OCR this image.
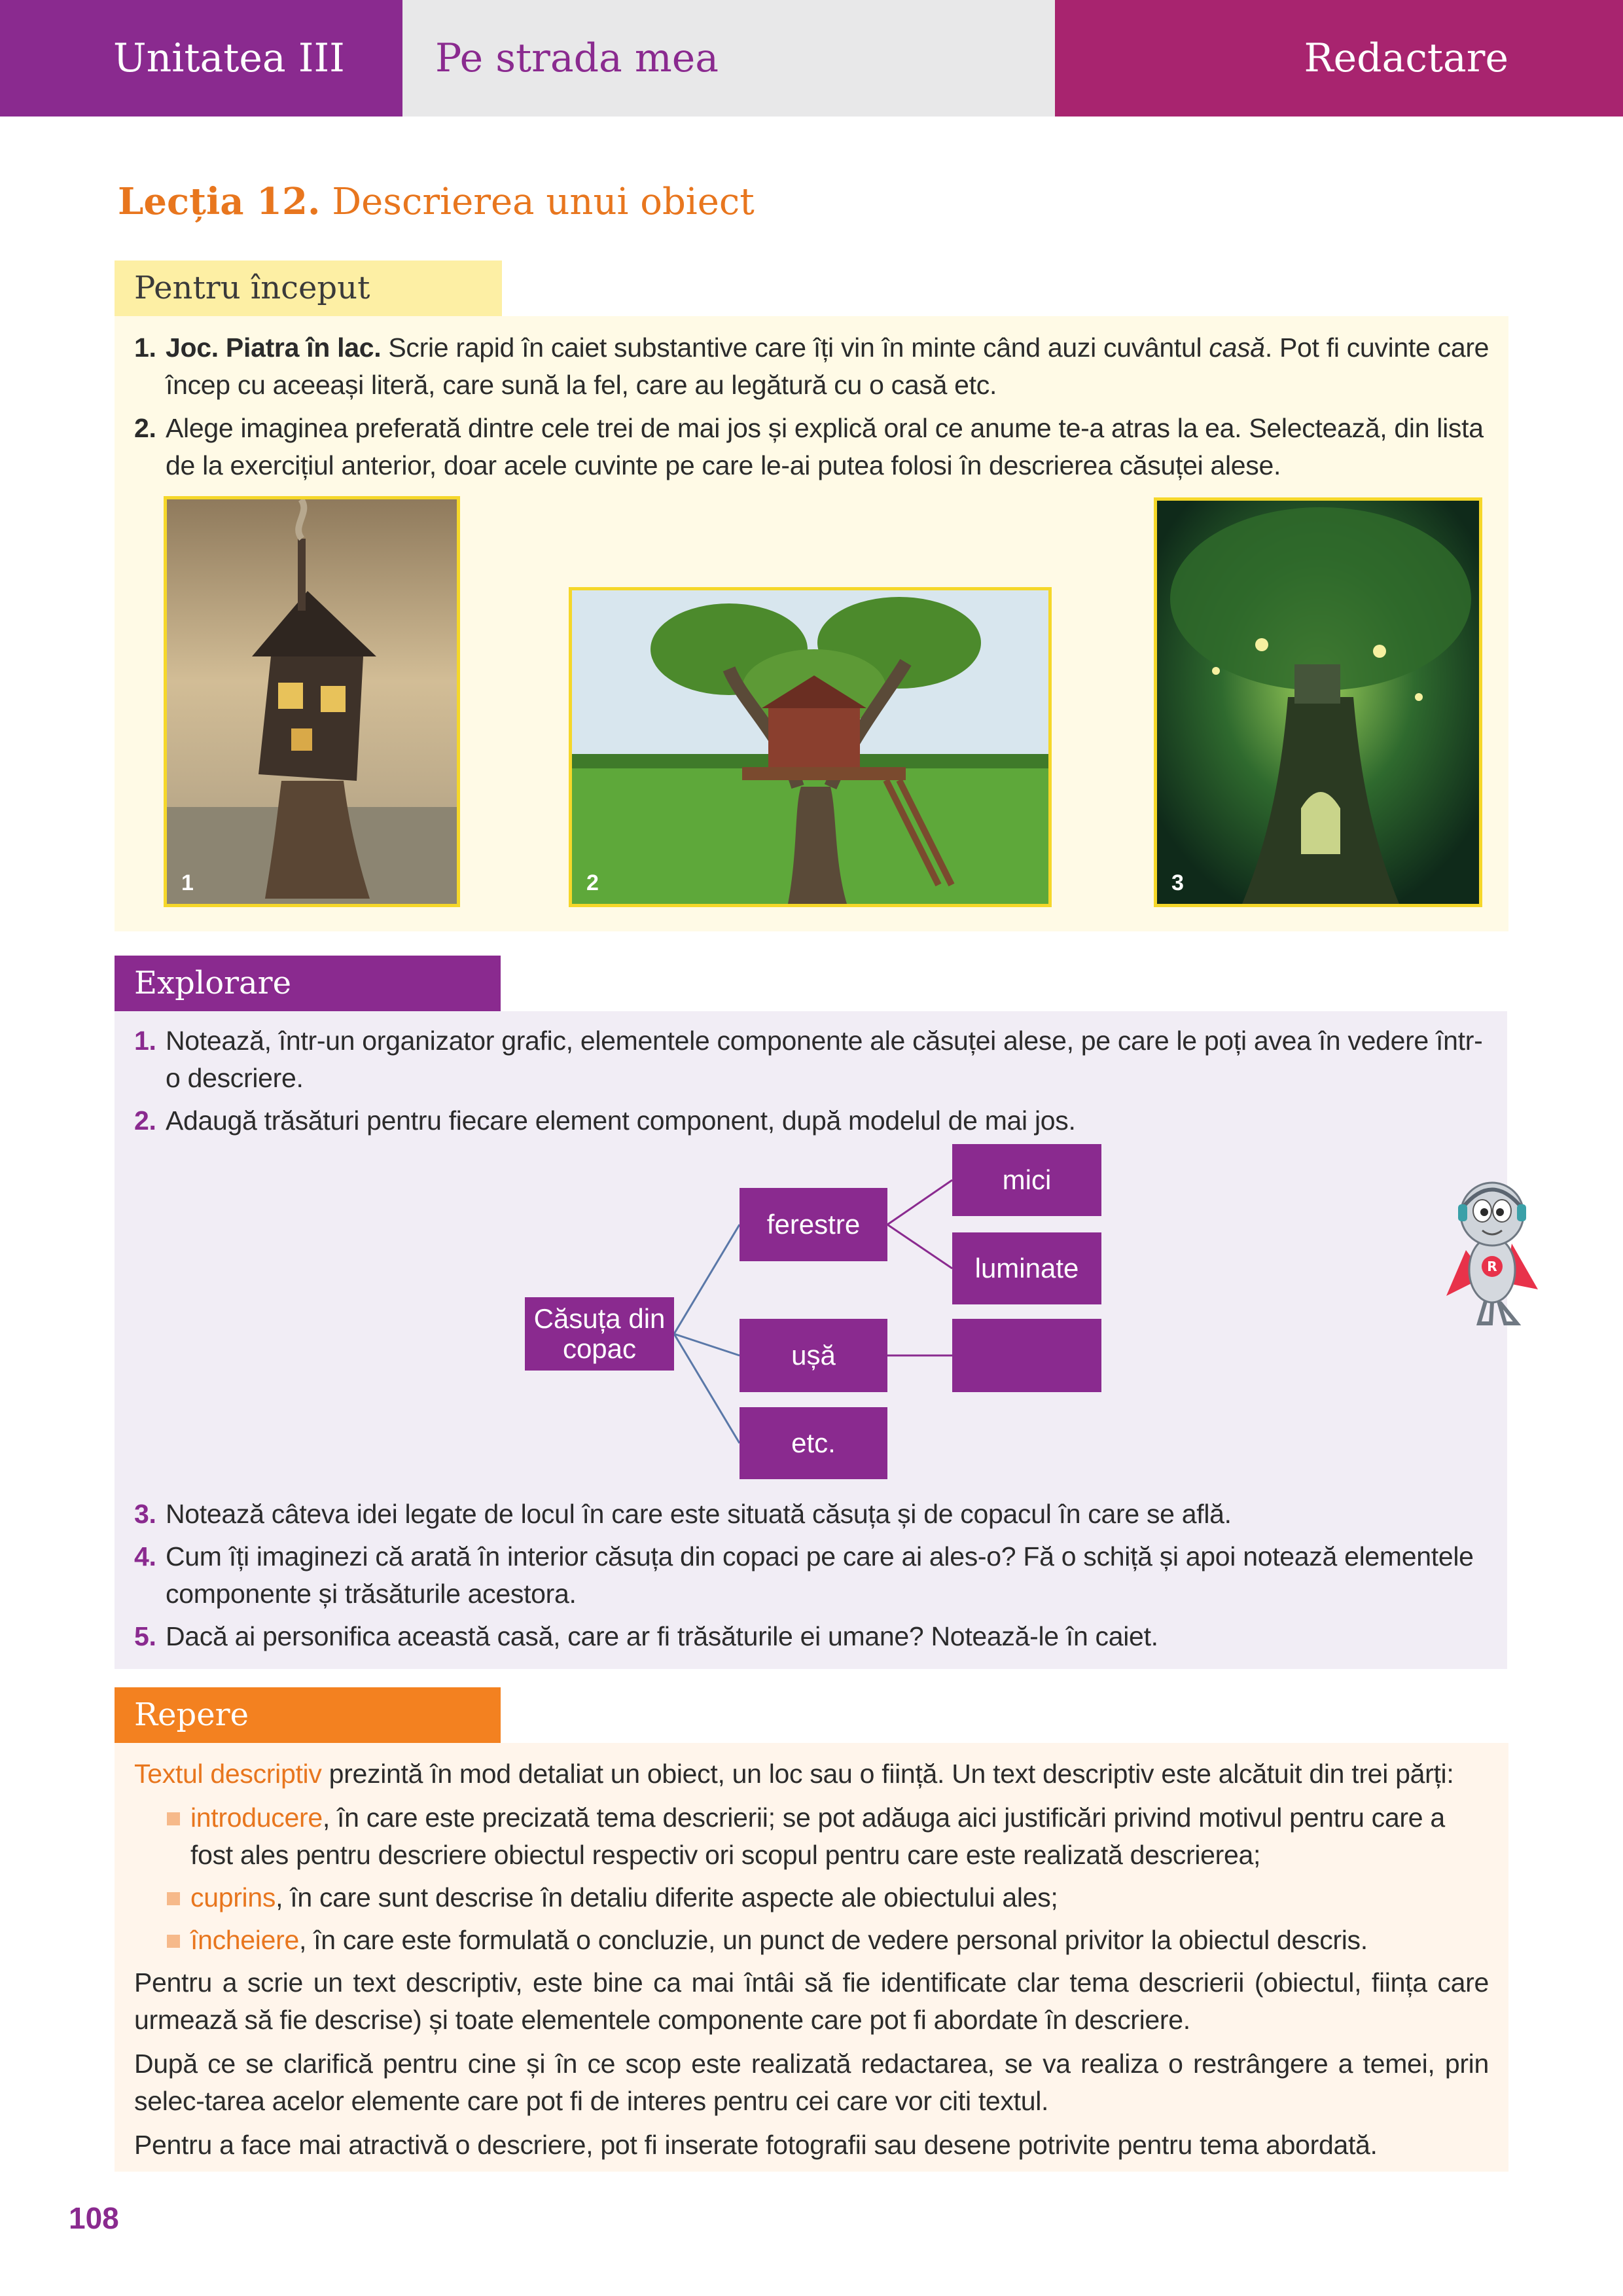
Unitatea III Pe strada mea	Redactare
Lecția 12. Descrierea unui obiect
Pentru început
1. Joc. Piatra în lac. Scrie rapid în caiet substantive care îți vin în minte când auzi cuvântul casă. Pot fi cuvinte care încep cu aceeași literă, care sună la fel, care au legătură cu o casă etc.
2. Alege imaginea preferată dintre cele trei de mai jos și explică oral ce anume te-a atras la ea. Selectează, din lista de la exercițiul anterior, doar acele cuvinte pe care le-ai putea folosi în descrierea căsuței alese.
1	2	3
Explorare
1. Notează, într-un organizator grafic, elementele componente ale căsuței alese, pe care le poți avea în vedere într-o descriere.
2. Adaugă trăsături pentru fiecare element component, după modelul de mai jos.
Căsuța din copac
ferestre
ușă
etc.
mici
luminate	R
3. Notează câteva idei legate de locul în care este situată căsuța și de copacul în care se află.
4. Cum îți imaginezi că arată în interior căsuța din copaci pe care ai ales-o? Fă o schiță și apoi notează elementele componente și trăsăturile acestora.
5. Dacă ai personifica această casă, care ar fi trăsăturile ei umane? Notează-le în caiet.
Repere

Textul descriptiv prezintă în mod detaliat un obiect, un loc sau o ființă. Un text descriptiv este alcătuit din trei părți:

introducere, în care este precizată tema descrierii; se pot adăuga aici justificări privind motivul pentru care a fost ales pentru descriere obiectul respectiv ori scopul pentru care este realizată descrierea;
cuprins, în care sunt descrise în detaliu diferite aspecte ale obiectului ales;
încheiere, în care este formulată o concluzie, un punct de vedere personal privitor la obiectul descris.

Pentru a scrie un text descriptiv, este bine ca mai întâi să fie identificate clar tema descrierii (obiectul, ființa care urmează să fie descrise) și toate elementele componente care pot fi abordate în descriere.

După ce se clarifică pentru cine și în ce scop este realizată redactarea, se va realiza o restrângere a temei, prin selec-tarea acelor elemente care pot fi de interes pentru cei care vor citi textul.

Pentru a face mai atractivă o descriere, pot fi inserate fotografii sau desene potrivite pentru tema abordată.

108
